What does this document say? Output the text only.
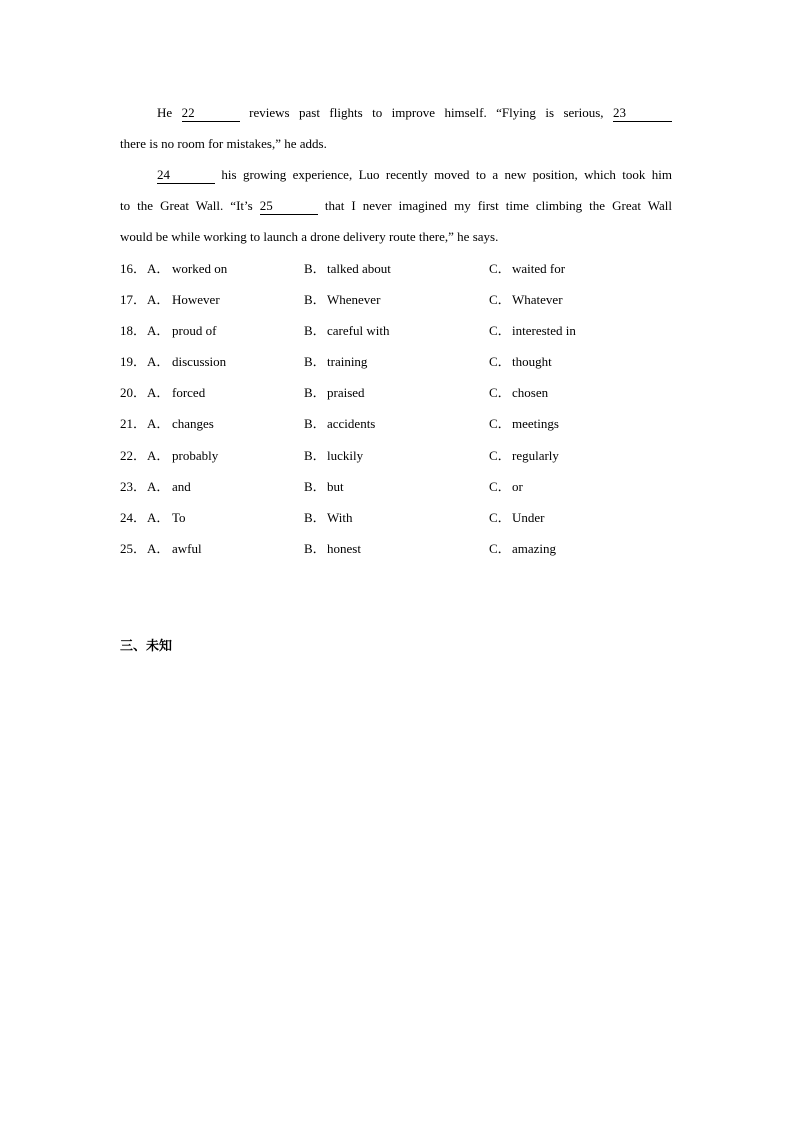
He 22	reviews past flights to improve himself. “Flying is serious, 23
there is no room for mistakes,” he adds.
24	his growing experience, Luo recently moved to a new position, which took him
to the Great Wall. “It’s 25	that I never imagined my first time climbing the Great Wall
would be while working to launch a drone delivery route there,” he says.
16． A． worked on	B． talked about	C． waited for
17． A． However	B． Whenever	C． Whatever
18． A． proud of	B． careful with	C． interested in
19． A． discussion	B． training	C． thought
20． A． forced	B． praised	C． chosen
21． A． changes	B． accidents	C． meetings
22． A． probably	B． luckily	C． regularly
23． A． and	B． but	C． or
24． A． To	B． With	C． Under
25． A． awful	B． honest	C． amazing
三、未知
